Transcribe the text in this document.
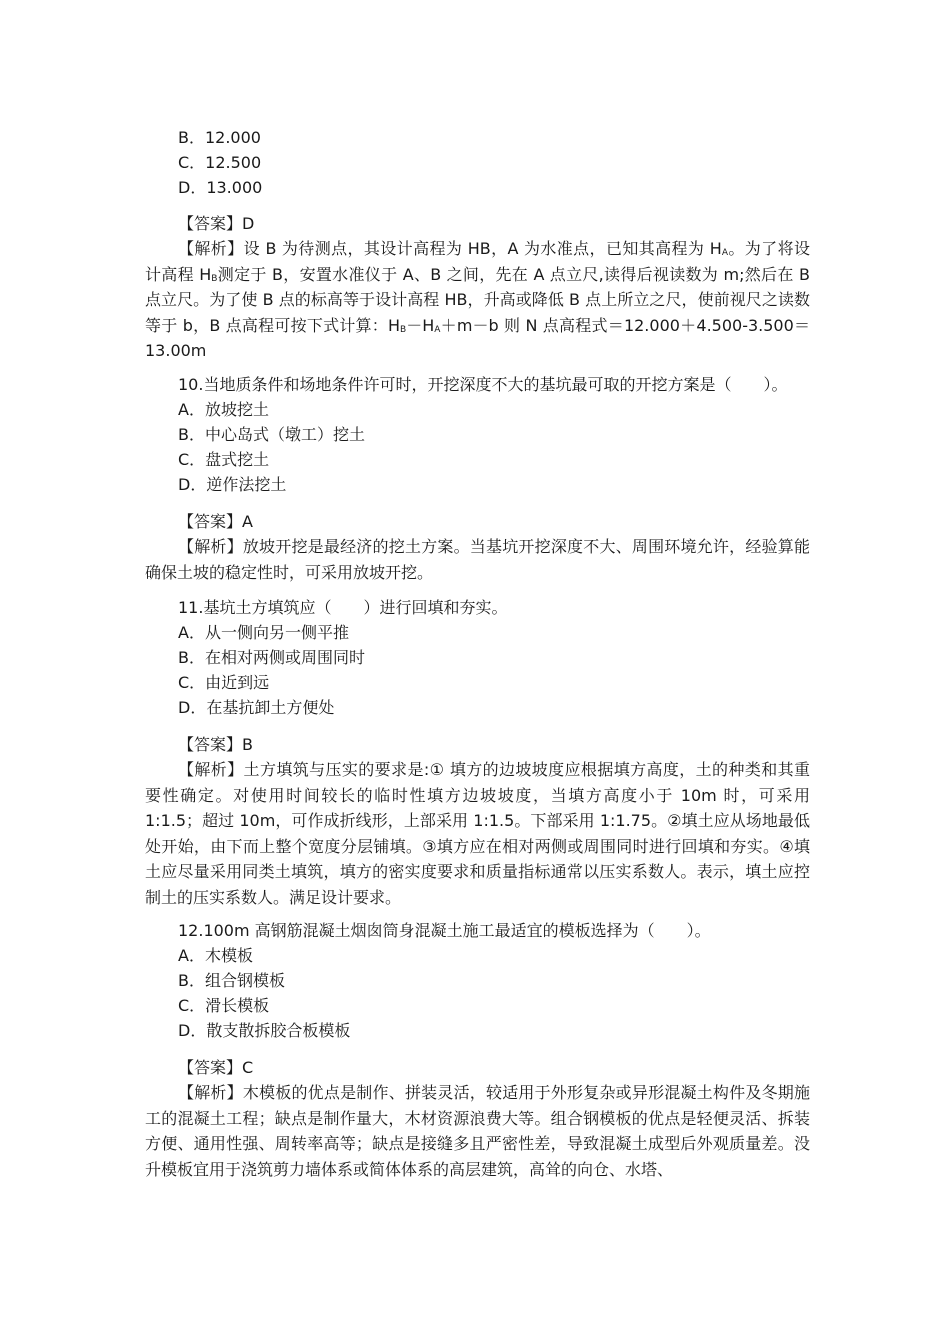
B．12.000
C．12.500
D．13.000
【答案】D
【解析】设 B 为待测点，其设计高程为 HB，A 为水准点，已知其高程为 $H_A$。为了将设计高程 $H_B$测定于 B，安置水准仪于 A、B 之间，先在 A 点立尺,读得后视读数为 m;然后在 B 点立尺。为了使 B 点的标高等于设计高程 HB，升高或降低 B 点上所立之尺，使前视尺之读数等于 b，B 点高程可按下式计算：$H_B-H_A+m-b$ 则 N 点高程式＝12.000＋4.500-3.500＝13.00m
10.当地质条件和场地条件许可时，开挖深度不大的基坑最可取的开挖方案是（　　）。
A．放坡挖土
B．中心岛式（墩工）挖土
C．盘式挖土
D．逆作法挖土
【答案】A
【解析】放坡开挖是最经济的挖土方案。当基坑开挖深度不大、周围环境允许，经验算能确保土坡的稳定性时，可采用放坡开挖。
11.基坑土方填筑应（　　）进行回填和夯实。
A．从一侧向另一侧平推
B．在相对两侧或周围同时
C．由近到远
D．在基抗卸土方便处
【答案】B
【解析】土方填筑与压实的要求是:① 填方的边坡坡度应根据填方高度，土的种类和其重要性确定。对使用时间较长的临时性填方边坡坡度，当填方高度小于 10m 时，可采用 1:1.5；超过 10m，可作成折线形，上部采用 1:1.5。下部采用 1:1.75。②填土应从场地最低处开始，由下而上整个宽度分层铺填。③填方应在相对两侧或周围同时进行回填和夯实。④填土应尽量采用同类土填筑，填方的密实度要求和质量指标通常以压实系数人。表示，填土应控制土的压实系数人。满足设计要求。
12.100m 高钢筋混凝土烟囱筒身混凝土施工最适宜的模板选择为（　　）。
A．木模板
B．组合钢模板
C．滑长模板
D．散支散拆胶合板模板
【答案】C
【解析】木模板的优点是制作、拼装灵活，较适用于外形复杂或异形混凝土构件及冬期施工的混凝土工程；缺点是制作量大，木材资源浪费大等。组合钢模板的优点是轻便灵活、拆装方便、通用性强、周转率高等；缺点是接缝多且严密性差，导致混凝土成型后外观质量差。没升模板宜用于浇筑剪力墙体系或简体体系的高层建筑，高耸的向仓、水塔、
